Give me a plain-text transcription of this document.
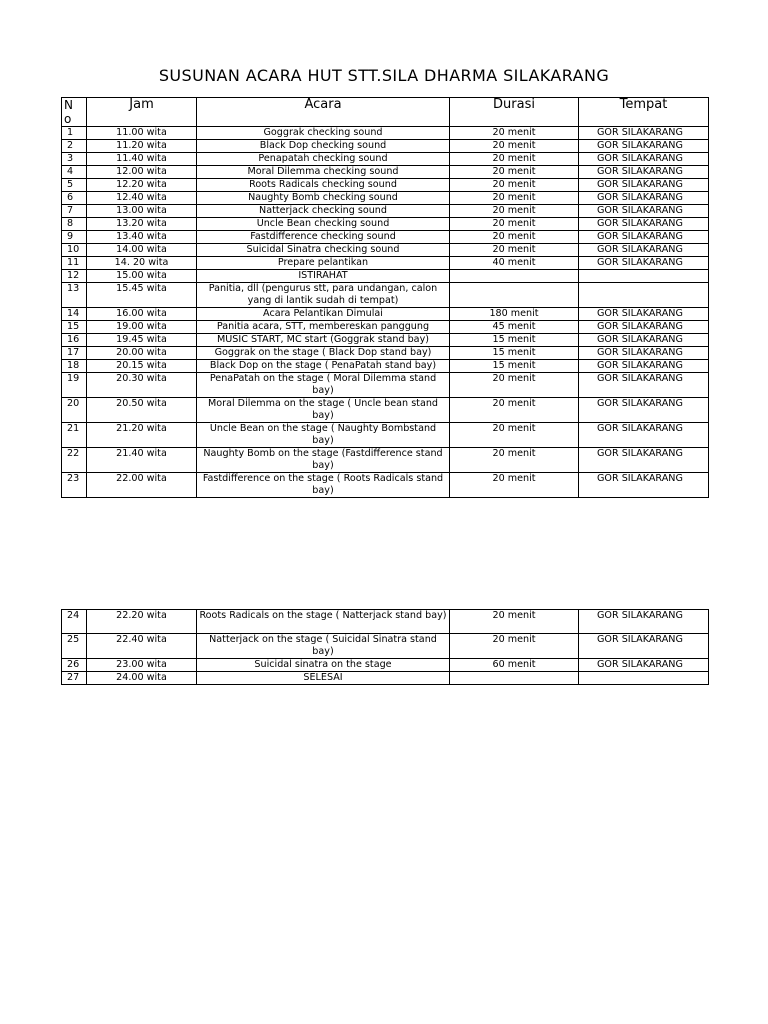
SUSUNAN ACARA HUT STT.SILA DHARMA SILAKARANG
N o	Jam	Acara	Durasi	Tempat
1	11.00 wita	Goggrak checking sound	20 menit	GOR SILAKARANG
2	11.20 wita	Black Dop checking sound	20 menit	GOR SILAKARANG
3	11.40 wita	Penapatah checking sound	20 menit	GOR SILAKARANG
4	12.00 wita	Moral Dilemma checking sound	20 menit	GOR SILAKARANG
5	12.20 wita	Roots Radicals checking sound	20 menit	GOR SILAKARANG
6	12.40 wita	Naughty Bomb checking sound	20 menit	GOR SILAKARANG
7	13.00 wita	Natterjack checking sound	20 menit	GOR SILAKARANG
8	13.20 wita	Uncle Bean checking sound	20 menit	GOR SILAKARANG
9	13.40 wita	Fastdifference checking sound	20 menit	GOR SILAKARANG
10	14.00 wita	Suicidal Sinatra checking sound	20 menit	GOR SILAKARANG
11	14. 20 wita	Prepare pelantikan	40 menit	GOR SILAKARANG
12	15.00 wita	ISTIRAHAT		
13	15.45 wita	Panitia, dll (pengurus stt, para undangan, calon yang di lantik sudah di tempat)		
14	16.00 wita	Acara Pelantikan Dimulai	180 menit	GOR SILAKARANG
15	19.00 wita	Panitia acara, STT, membereskan panggung	45 menit	GOR SILAKARANG
16	19.45 wita	MUSIC START, MC start (Goggrak stand bay)	15 menit	GOR SILAKARANG
17	20.00 wita	Goggrak on the stage ( Black Dop stand bay)	15 menit	GOR SILAKARANG
18	20.15 wita	Black Dop on the stage ( PenaPatah stand bay)	15 menit	GOR SILAKARANG
19	20.30 wita	PenaPatah on the stage ( Moral Dilemma stand bay)	20 menit	GOR SILAKARANG
20	20.50 wita	Moral Dilemma on the stage ( Uncle bean stand bay)	20 menit	GOR SILAKARANG
21	21.20 wita	Uncle Bean on the stage ( Naughty Bombstand bay)	20 menit	GOR SILAKARANG
22	21.40 wita	Naughty Bomb on the stage (Fastdifference stand bay)	20 menit	GOR SILAKARANG
23	22.00 wita	Fastdifference on the stage ( Roots Radicals stand bay)	20 menit	GOR SILAKARANG
24	22.20 wita	Roots Radicals on the stage ( Natterjack stand bay)	20 menit	GOR SILAKARANG
25	22.40 wita	Natterjack on the stage ( Suicidal Sinatra stand bay)	20 menit	GOR SILAKARANG
26	23.00 wita	Suicidal sinatra on the stage	60 menit	GOR SILAKARANG
27	24.00 wita	SELESAI		
